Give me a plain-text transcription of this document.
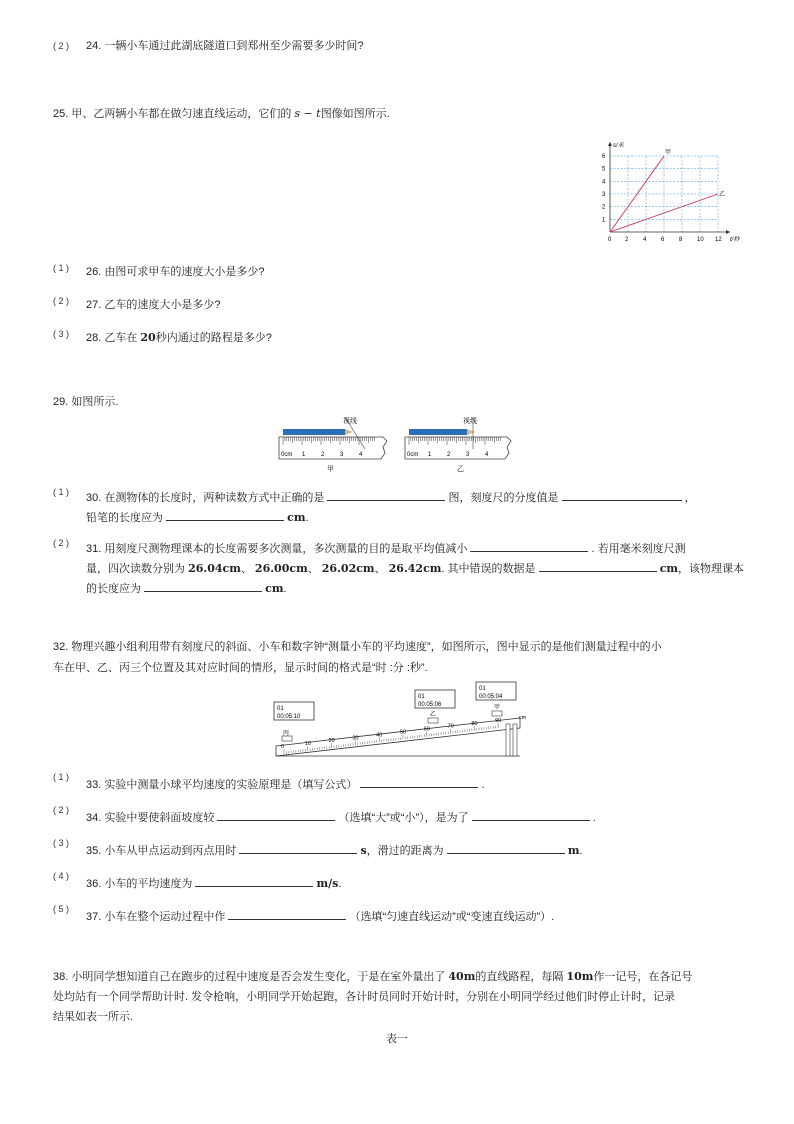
( 2 ) 24. 一辆小车通过此湖底隧道口到郑州至少需要多少时间?
25. 甲、乙两辆小车都在做匀速直线运动，它们的 s − t图像如图所示.
1
2
3
4
5
6
0 2 4 6 8 10 12
s/米
t/秒
甲
乙
( 1 ) 26. 由图可求甲车的速度大小是多少?
( 2 ) 27. 乙车的速度大小是多少?
( 3 ) 28. 乙车在 20秒内通过的路程是多少?
29. 如图所示.
视线
0cm 1	2	3	4
甲
视线
0cm 1	2	3	4
乙
( 1 ) 30. 在测物体的长度时，两种读数方式中正确的是	图，刻度尺的分度值是	，
铅笔的长度应为	cm.
( 2 ) 31. 用刻度尺测物理课本的长度需要多次测量，多次测量的目的是取平均值减小	. 若用毫米刻度尺测
量，四次读数分别为 26.04cm、 26.00cm、 26.02cm、 26.42cm. 其中错误的数据是	cm，该物理课本
的长度应为	cm.
32. 物理兴趣小组利用带有刻度尺的斜面、小车和数字钟“测量小车的平均速度”，如图所示，图中显示的是他们测量过程中的小
车在甲、乙、丙三个位置及其对应时间的情形，显示时间的格式是“时 :分 :秒”.
01
00:05:10
01
00:05:06
01
00:05:04
0	10	20	30	40	50	60	70	80	90	cm
丙
乙
甲
( 1 )
33. 实验中测量小球平均速度的实验原理是（填写公式）	.
( 2 )
34. 实验中要使斜面坡度较	（选填“大”或“小”），是为了	.
( 3 )
35. 小车从甲点运动到丙点用时	s，滑过的距离为	m.
( 4 )
36. 小车的平均速度为	m/s.
( 5 )
37. 小车在整个运动过程中作	（选填“匀速直线运动”或“变速直线运动”）.
38. 小明同学想知道自己在跑步的过程中速度是否会发生变化，于是在室外量出了 40m的直线路程，每隔 10m作一记号，在各记号
处均站有一个同学帮助计时. 发令枪响，小明同学开始起跑，各计时员同时开始计时，分别在小明同学经过他们时停止计时，记录
结果如表一所示.
表一
